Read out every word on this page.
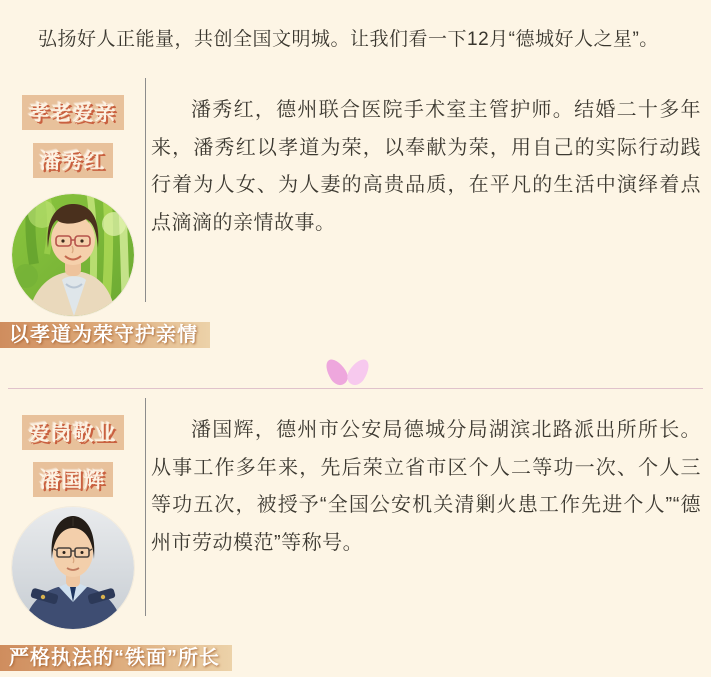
弘扬好人正能量，共创全国文明城。让我们看一下12月“德城好人之星”。

孝老爱亲
潘秀红

潘秀红，德州联合医院手术室主管护师。结婚二十多年来，潘秀红以孝道为荣，以奉献为荣，用自己的实际行动践行着为人女、为人妻的高贵品质，在平凡的生活中演绎着点点滴滴的亲情故事。

以孝道为荣守护亲情
爱岗敬业
潘国辉

潘国辉，德州市公安局德城分局湖滨北路派出所所长。从事工作多年来，先后荣立省市区个人二等功一次、个人三等功五次，被授予“全国公安机关清剿火患工作先进个人”“德州市劳动模范”等称号。

严格执法的“铁面”所长
